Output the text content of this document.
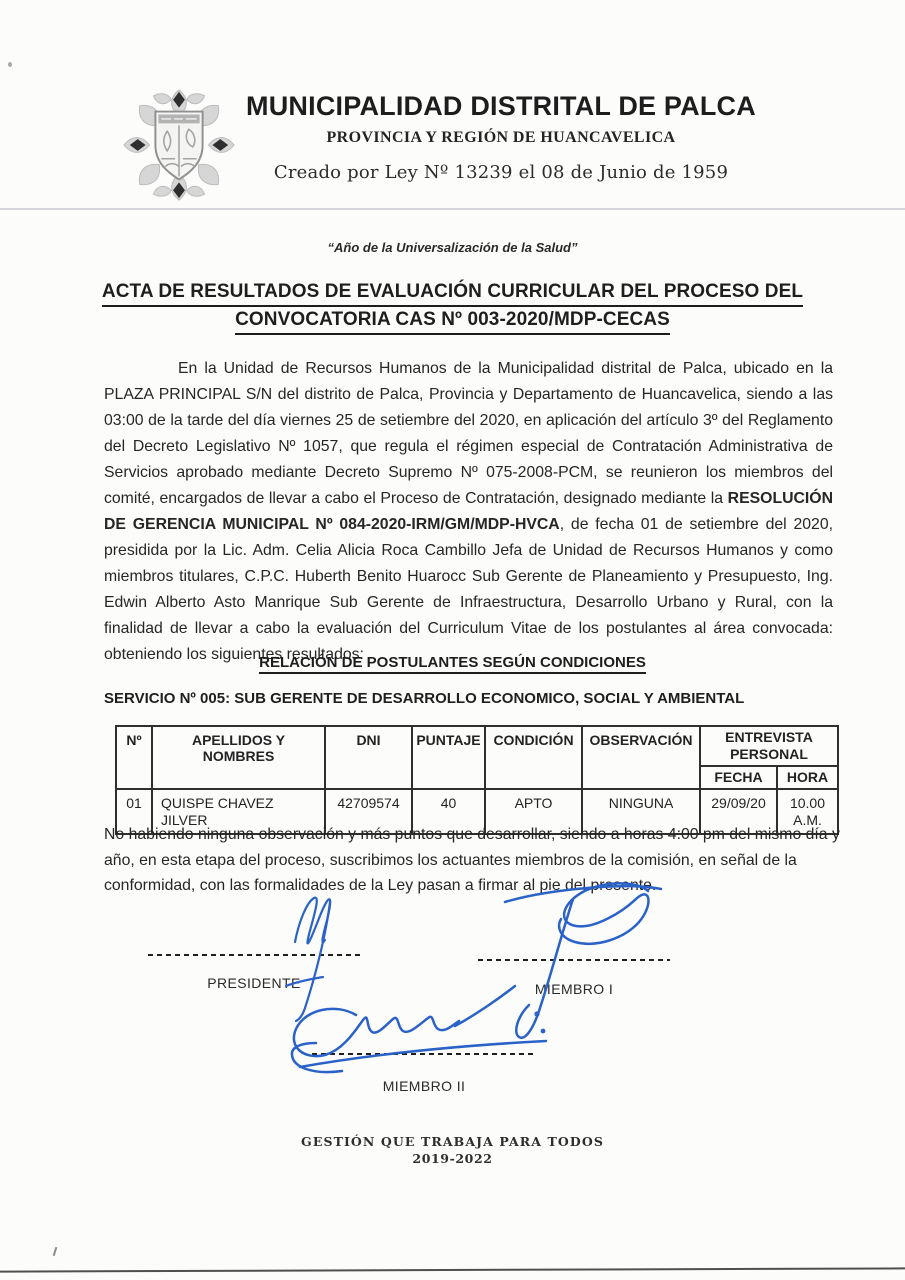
MUNICIPALIDAD DISTRITAL DE PALCA
PROVINCIA Y REGIÓN DE HUANCAVELICA
Creado por Ley Nº 13239 el 08 de Junio de 1959
“Año de la Universalización de la Salud”
ACTA DE RESULTADOS DE EVALUACIÓN CURRICULAR DEL PROCESO DEL
CONVOCATORIA CAS Nº 003-2020/MDP-CECAS
En la Unidad de Recursos Humanos de la Municipalidad distrital de Palca, ubicado en la PLAZA PRINCIPAL S/N del distrito de Palca, Provincia y Departamento de Huancavelica, siendo a las 03:00 de la tarde del día viernes 25 de setiembre del 2020, en aplicación del artículo 3º del Reglamento del Decreto Legislativo Nº 1057, que regula el régimen especial de Contratación Administrativa de Servicios aprobado mediante Decreto Supremo Nº 075-2008-PCM, se reunieron los miembros del comité, encargados de llevar a cabo el Proceso de Contratación, designado mediante la RESOLUCIÓN DE GERENCIA MUNICIPAL Nº 084-2020-IRM/GM/MDP-HVCA, de fecha 01 de setiembre del 2020, presidida por la Lic. Adm. Celia Alicia Roca Cambillo Jefa de Unidad de Recursos Humanos y como miembros titulares, C.P.C. Huberth Benito Huarocc Sub Gerente de Planeamiento y Presupuesto, Ing. Edwin Alberto Asto Manrique Sub Gerente de Infraestructura, Desarrollo Urbano y Rural, con la finalidad de llevar a cabo la evaluación del Curriculum Vitae de los postulantes al área convocada: obteniendo los siguientes resultados:
RELACIÓN DE POSTULANTES SEGÚN CONDICIONES
SERVICIO Nº 005: SUB GERENTE DE DESARROLLO ECONOMICO, SOCIAL Y AMBIENTAL
Nº	APELLIDOS Y NOMBRES	DNI	PUNTAJE	CONDICIÓN	OBSERVACIÓN	ENTREVISTA PERSONAL	
						FECHA	HORA
01	QUISPE CHAVEZ JILVER	42709574	40	APTO	NINGUNA	29/09/20	10.00 A.M.
No habiendo ninguna observación y más puntos que desarrollar, siendo a horas 4:00 pm del mismo día y año, en esta etapa del proceso, suscribimos los actuantes miembros de la comisión, en señal de la conformidad, con las formalidades de la Ley pasan a firmar al pie del presente.
PRESIDENTE	MIEMBRO I
MIEMBRO II
GESTIÓN QUE TRABAJA PARA TODOS
2019-2022
